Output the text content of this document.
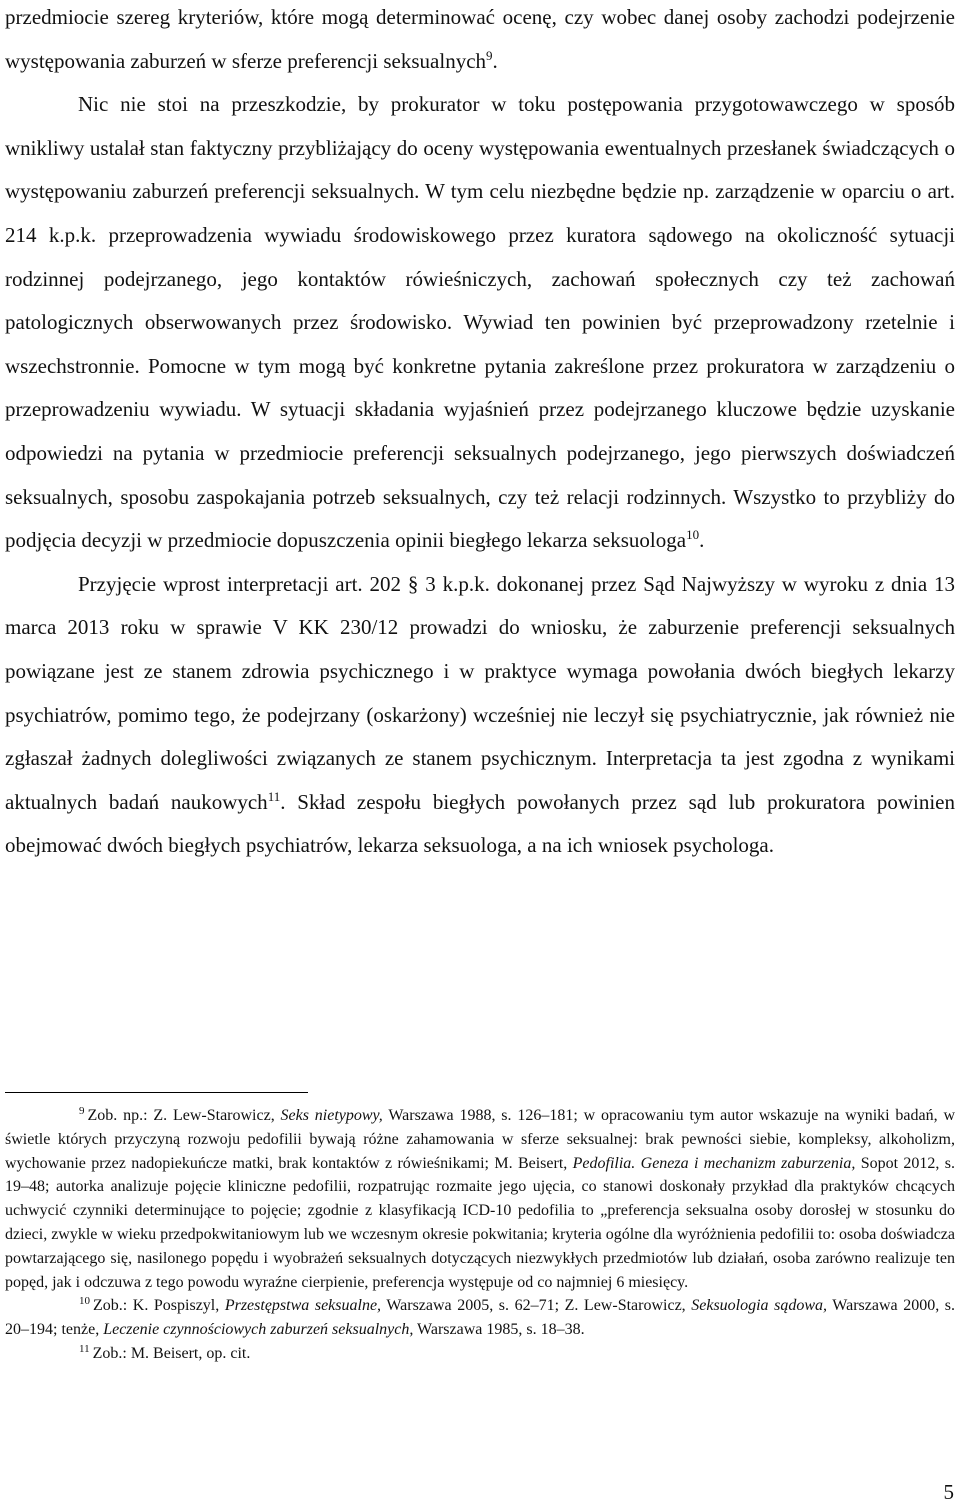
przedmiocie szereg kryteriów, które mogą determinować ocenę, czy wobec danej osoby zachodzi podejrzenie występowania zaburzeń w sferze preferencji seksualnych$^9$.

Nic nie stoi na przeszkodzie, by prokurator w toku postępowania przygotowawczego w sposób wnikliwy ustalał stan faktyczny przybliżający do oceny występowania ewentualnych przesłanek świadczących o występowaniu zaburzeń preferencji seksualnych. W tym celu niezbędne będzie np. zarządzenie w oparciu o art. 214 k.p.k. przeprowadzenia wywiadu środowiskowego przez kuratora sądowego na okoliczność sytuacji rodzinnej podejrzanego, jego kontaktów rówieśniczych, zachowań społecznych czy też zachowań patologicznych obserwowanych przez środowisko. Wywiad ten powinien być przeprowadzony rzetelnie i wszechstronnie. Pomocne w tym mogą być konkretne pytania zakreślone przez prokuratora w zarządzeniu o przeprowadzeniu wywiadu. W sytuacji składania wyjaśnień przez podejrzanego kluczowe będzie uzyskanie odpowiedzi na pytania w przedmiocie preferencji seksualnych podejrzanego, jego pierwszych doświadczeń seksualnych, sposobu zaspokajania potrzeb seksualnych, czy też relacji rodzinnych. Wszystko to przybliży do podjęcia decyzji w przedmiocie dopuszczenia opinii biegłego lekarza seksuologa$^{10}$.

Przyjęcie wprost interpretacji art. 202 § 3 k.p.k. dokonanej przez Sąd Najwyższy w wyroku z dnia 13 marca 2013 roku w sprawie V KK 230/12 prowadzi do wniosku, że zaburzenie preferencji seksualnych powiązane jest ze stanem zdrowia psychicznego i w praktyce wymaga powołania dwóch biegłych lekarzy psychiatrów, pomimo tego, że podejrzany (oskarżony) wcześniej nie leczył się psychiatrycznie, jak również nie zgłaszał żadnych dolegliwości związanych ze stanem psychicznym. Interpretacja ta jest zgodna z wynikami aktualnych badań naukowych$^{11}$. Skład zespołu biegłych powołanych przez sąd lub prokuratora powinien obejmować dwóch biegłych psychiatrów, lekarza seksuologa, a na ich wniosek psychologa.

9 Zob. np.: Z. Lew-Starowicz, Seks nietypowy, Warszawa 1988, s. 126–181; w opracowaniu tym autor wskazuje na wyniki badań, w świetle których przyczyną rozwoju pedofilii bywają różne zahamowania w sferze seksualnej: brak pewności siebie, kompleksy, alkoholizm, wychowanie przez nadopiekuńcze matki, brak kontaktów z rówieśnikami; M. Beisert, Pedofilia. Geneza i mechanizm zaburzenia, Sopot 2012, s. 19–48; autorka analizuje pojęcie kliniczne pedofilii, rozpatrując rozmaite jego ujęcia, co stanowi doskonały przykład dla praktyków chcących uchwycić czynniki determinujące to pojęcie; zgodnie z klasyfikacją ICD-10 pedofilia to „preferencja seksualna osoby dorosłej w stosunku do dzieci, zwykle w wieku przedpokwitaniowym lub we wczesnym okresie pokwitania; kryteria ogólne dla wyróżnienia pedofilii to: osoba doświadcza powtarzającego się, nasilonego popędu i wyobrażeń seksualnych dotyczących niezwykłych przedmiotów lub działań, osoba zarówno realizuje ten popęd, jak i odczuwa z tego powodu wyraźne cierpienie, preferencja występuje od co najmniej 6 miesięcy.

10 Zob.: K. Pospiszyl, Przestępstwa seksualne, Warszawa 2005, s. 62–71; Z. Lew-Starowicz, Seksuologia sądowa, Warszawa 2000, s. 20–194; tenże, Leczenie czynnościowych zaburzeń seksualnych, Warszawa 1985, s. 18–38.

11 Zob.: M. Beisert, op. cit.

5
